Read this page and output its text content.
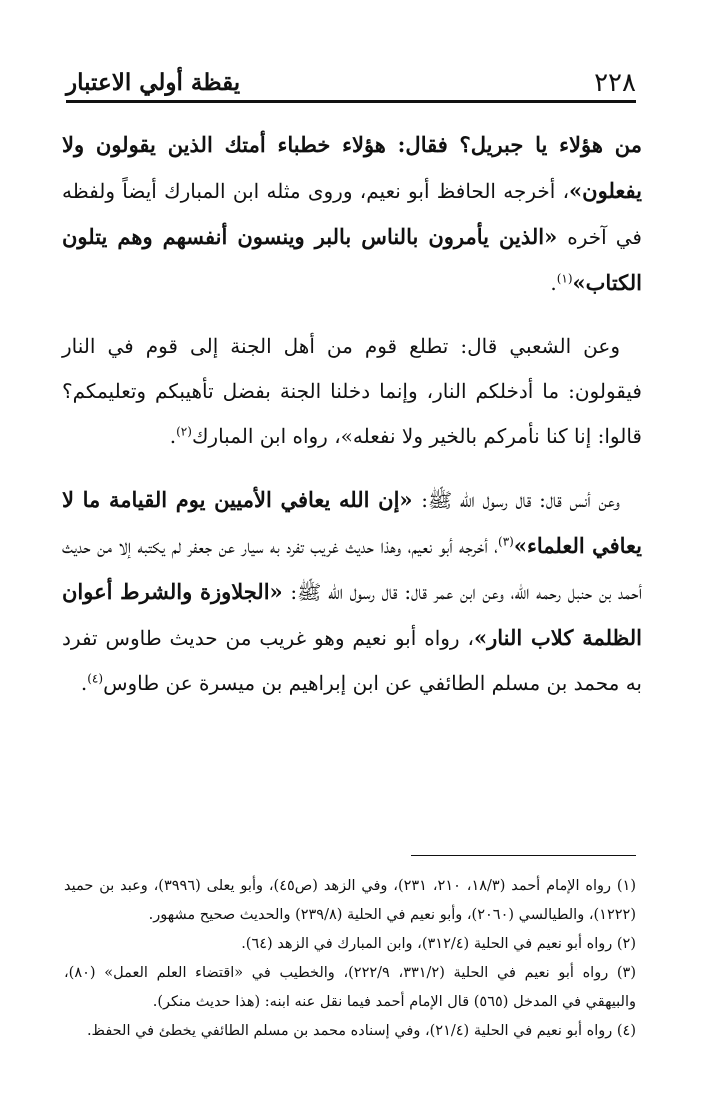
٢٢٨
يقظة أولي الاعتبار

من هؤلاء يا جبريل؟ فقال: هؤلاء خطباء أمتك الذين يقولون ولا يفعلون»، أخرجه الحافظ أبو نعيم، وروى مثله ابن المبارك أيضاً ولفظه في آخره «الذين يأمرون بالناس بالبر وينسون أنفسهم وهم يتلون الكتاب»$^{(١)}$.

وعن الشعبي قال: تطلع قوم من أهل الجنة إلى قوم في النار فيقولون: ما أدخلكم النار، وإنما دخلنا الجنة بفضل تأهيبكم وتعليمكم؟ قالوا: إنا كنا نأمركم بالخير ولا نفعله»، رواه ابن المبارك$^{(٢)}$.

وعن أنس قال: قال رسول الله ﷺ: «إن الله يعافي الأميين يوم القيامة ما لا يعافي العلماء»$^{(٣)}$، أخرجه أبو نعيم، وهذا حديث غريب تفرد به سيار عن جعفر لم يكتبه إلا من حديث أحمد بن حنبل رحمه الله، وعن ابن عمر قال: قال رسول الله ﷺ: «الجلاوزة والشرط أعوان الظلمة كلاب النار»، رواه أبو نعيم وهو غريب من حديث طاوس تفرد به محمد بن مسلم الطائفي عن ابن إبراهيم بن ميسرة عن طاوس$^{(٤)}$.

(١) رواه الإمام أحمد (١٨/٣، ٢١٠، ٢٣١)، وفي الزهد (ص٤٥)، وأبو يعلى (٣٩٩٦)، وعبد بن حميد (١٢٢٢)، والطيالسي (٢٠٦٠)، وأبو نعيم في الحلية (٢٣٩/٨) والحديث صحيح مشهور.

(٢) رواه أبو نعيم في الحلية (٣١٢/٤)، وابن المبارك في الزهد (٦٤).

(٣) رواه أبو نعيم في الحلية (٣٣١/٢، ٢٢٢/٩)، والخطيب في «اقتضاء العلم العمل» (٨٠)، والبيهقي في المدخل (٥٦٥) قال الإمام أحمد فيما نقل عنه ابنه: (هذا حديث منكر).

(٤) رواه أبو نعيم في الحلية (٢١/٤)، وفي إسناده محمد بن مسلم الطائفي يخطئ في الحفظ.
